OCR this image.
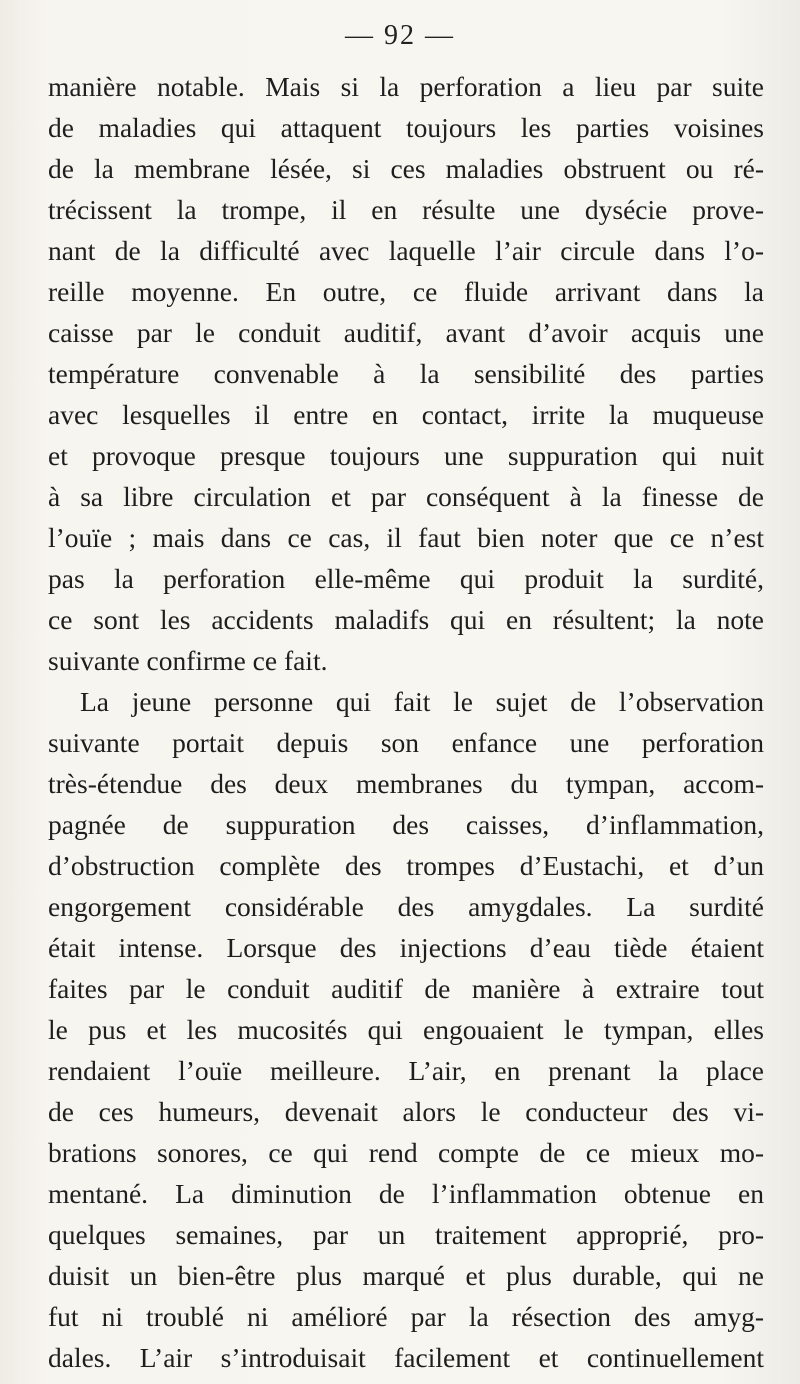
— 92 —
manière notable. Mais si la perforation a lieu par suite
de maladies qui attaquent toujours les parties voisines
de la membrane lésée, si ces maladies obstruent ou ré-
trécissent la trompe, il en résulte une dysécie prove-
nant de la difficulté avec laquelle l’air circule dans l’o-
reille moyenne. En outre, ce fluide arrivant dans la
caisse par le conduit auditif, avant d’avoir acquis une
température convenable à la sensibilité des parties
avec lesquelles il entre en contact, irrite la muqueuse
et provoque presque toujours une suppuration qui nuit
à sa libre circulation et par conséquent à la finesse de
l’ouïe ; mais dans ce cas, il faut bien noter que ce n’est
pas la perforation elle-même qui produit la surdité,
ce sont les accidents maladifs qui en résultent; la note
suivante confirme ce fait.
La jeune personne qui fait le sujet de l’observation
suivante portait depuis son enfance une perforation
très-étendue des deux membranes du tympan, accom-
pagnée de suppuration des caisses, d’inflammation,
d’obstruction complète des trompes d’Eustachi, et d’un
engorgement considérable des amygdales. La surdité
était intense. Lorsque des injections d’eau tiède étaient
faites par le conduit auditif de manière à extraire tout
le pus et les mucosités qui engouaient le tympan, elles
rendaient l’ouïe meilleure. L’air, en prenant la place
de ces humeurs, devenait alors le conducteur des vi-
brations sonores, ce qui rend compte de ce mieux mo-
mentané. La diminution de l’inflammation obtenue en
quelques semaines, par un traitement approprié, pro-
duisit un bien-être plus marqué et plus durable, qui ne
fut ni troublé ni amélioré par la résection des amyg-
dales. L’air s’introduisait facilement et continuellement
